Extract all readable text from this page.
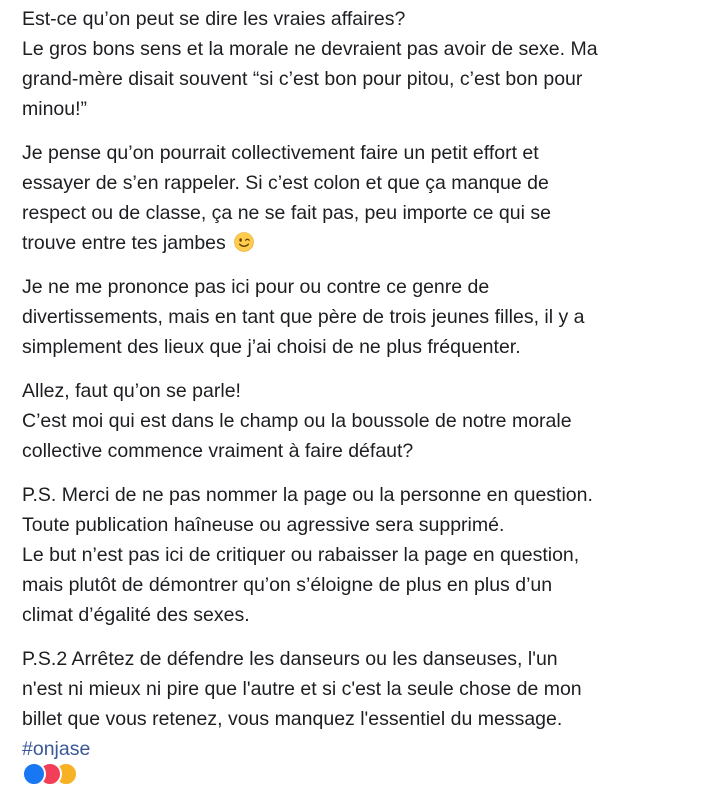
Est-ce qu’on peut se dire les vraies affaires?
Le gros bons sens et la morale ne devraient pas avoir de sexe. Ma
grand-mère disait souvent “si c’est bon pour pitou, c’est bon pour
minou!”
Je pense qu’on pourrait collectivement faire un petit effort et
essayer de s’en rappeler. Si c’est colon et que ça manque de
respect ou de classe, ça ne se fait pas, peu importe ce qui se
trouve entre tes jambes
Je ne me prononce pas ici pour ou contre ce genre de
divertissements, mais en tant que père de trois jeunes filles, il y a
simplement des lieux que j’ai choisi de ne plus fréquenter.
Allez, faut qu’on se parle!
C’est moi qui est dans le champ ou la boussole de notre morale
collective commence vraiment à faire défaut?
P.S. Merci de ne pas nommer la page ou la personne en question.
Toute publication haîneuse ou agressive sera supprimé.
Le but n’est pas ici de critiquer ou rabaisser la page en question,
mais plutôt de démontrer qu’on s’éloigne de plus en plus d’un
climat d’égalité des sexes.
P.S.2 Arrêtez de défendre les danseurs ou les danseuses, l'un
n'est ni mieux ni pire que l'autre et si c'est la seule chose de mon
billet que vous retenez, vous manquez l'essentiel du message.
#onjase
